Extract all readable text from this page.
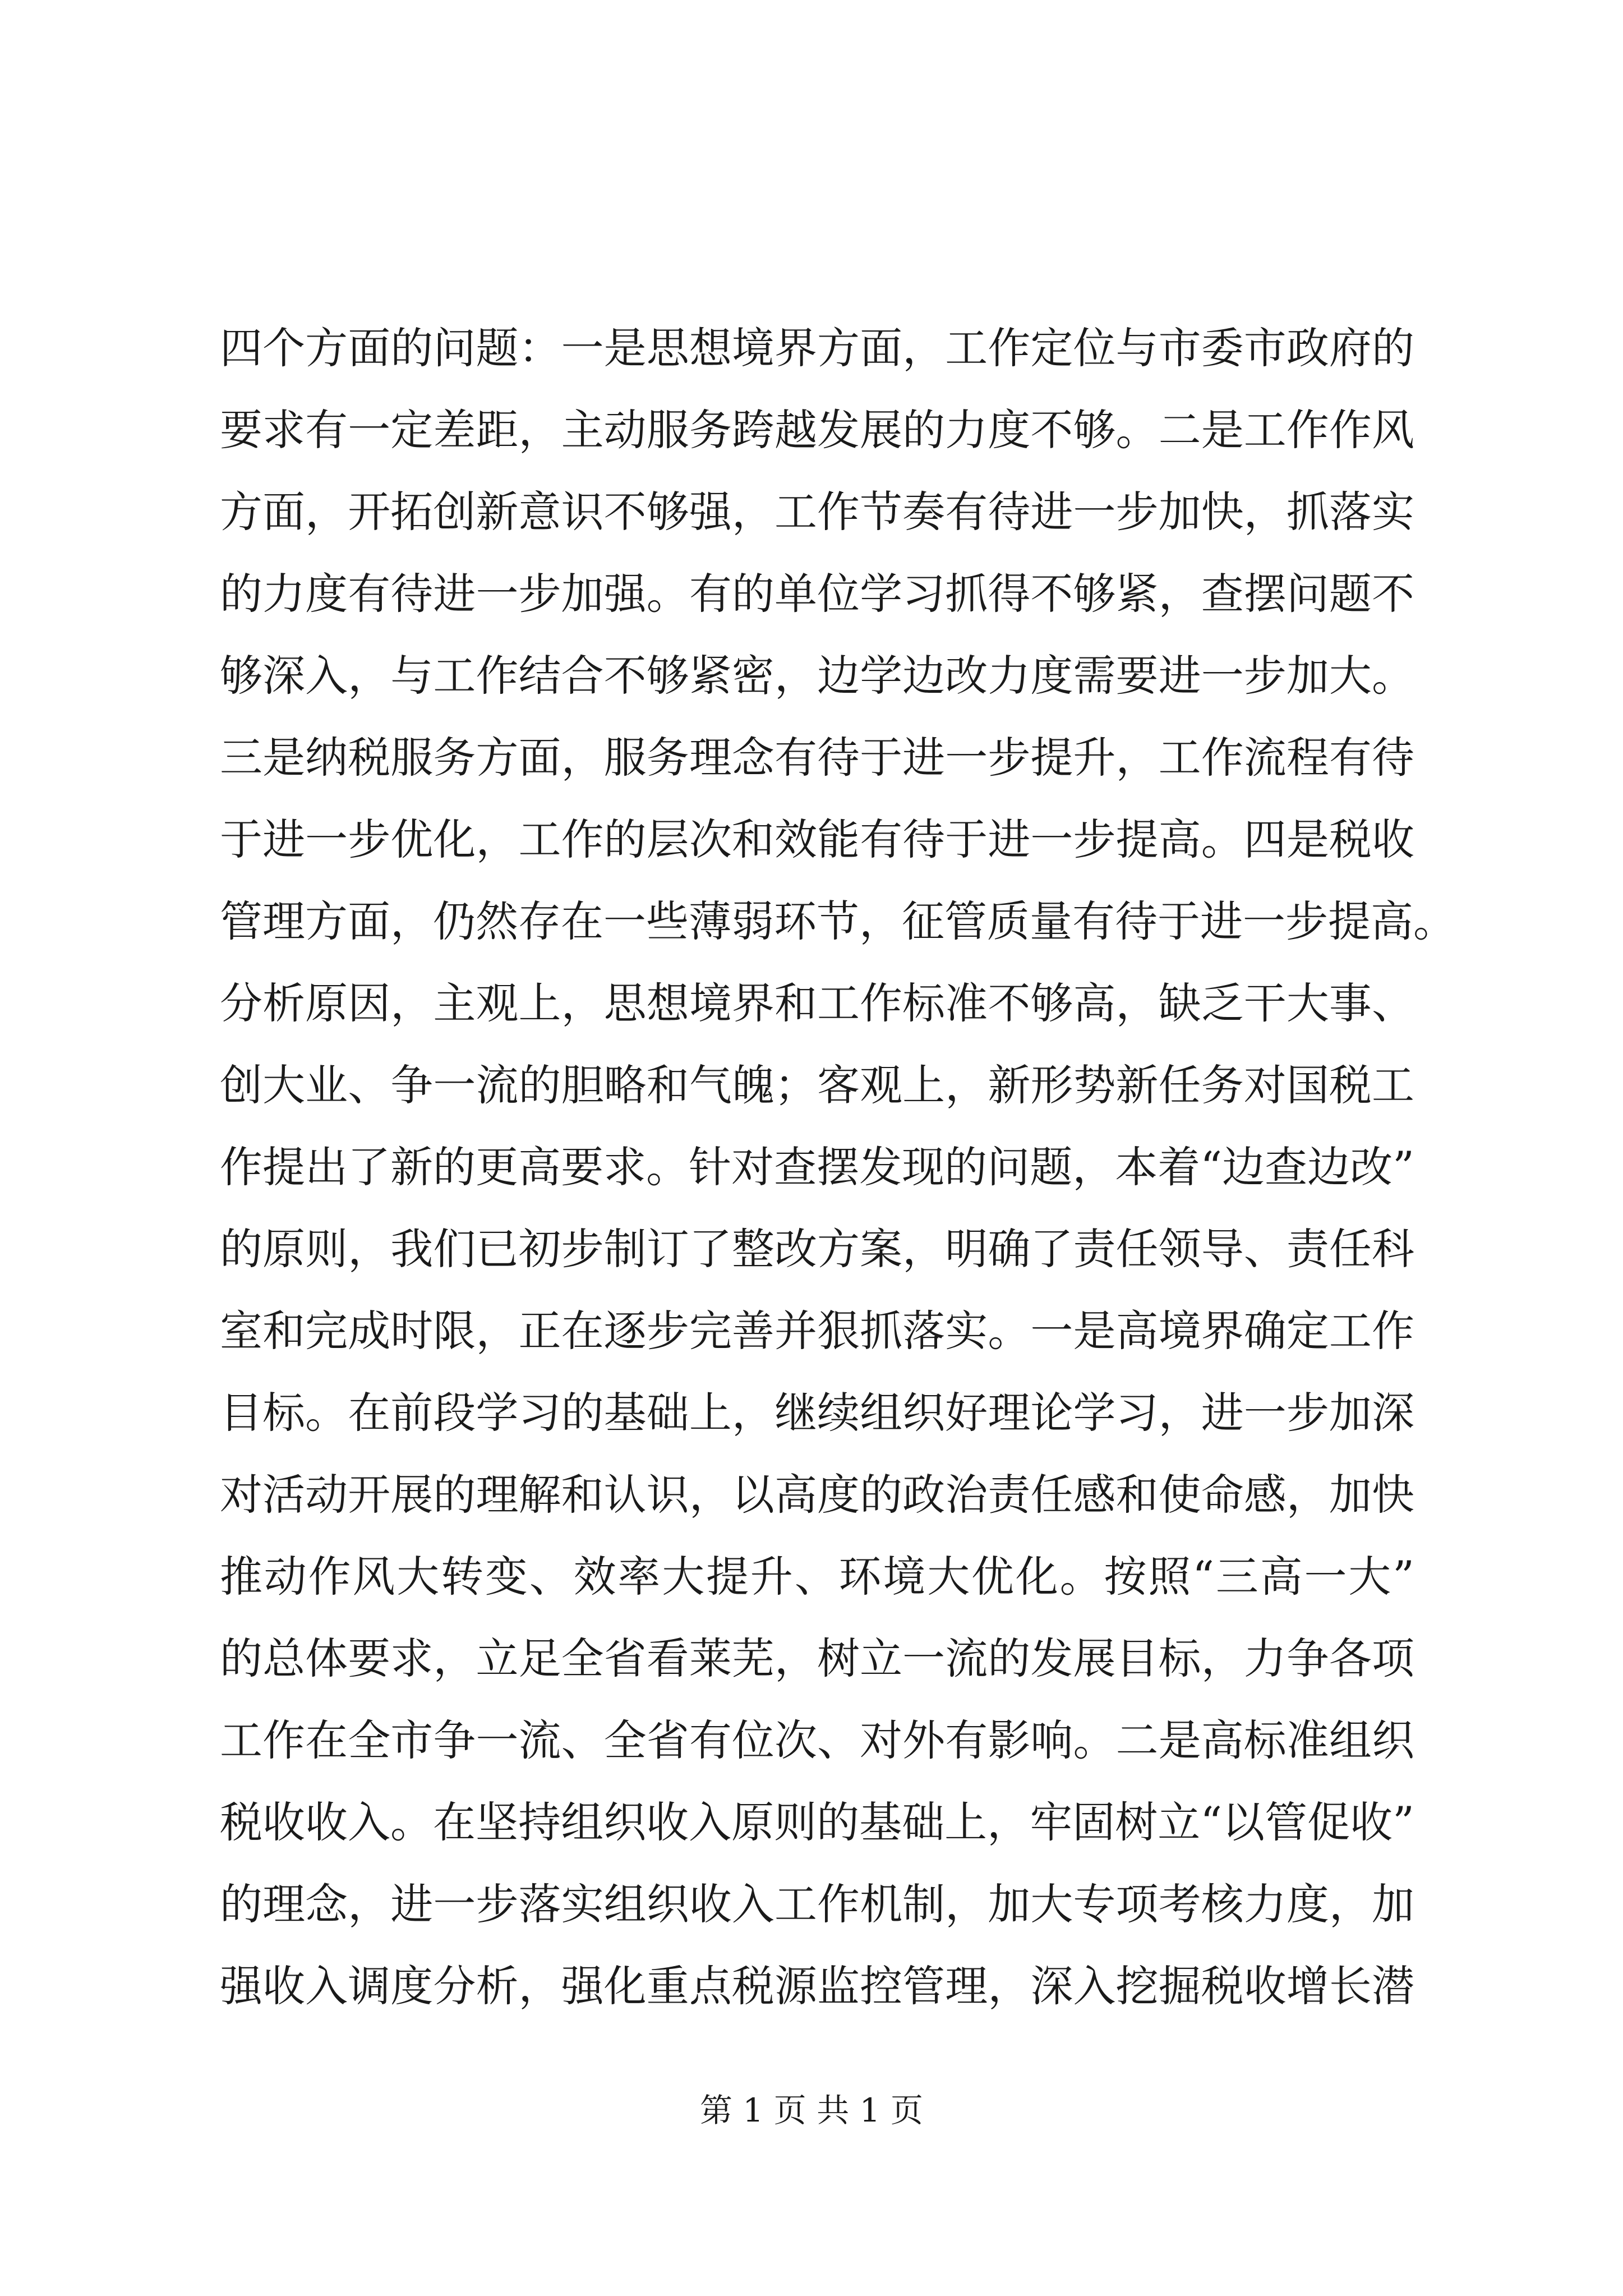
四个方面的问题：一是思想境界方面，工作定位与市委市政府的
要求有一定差距，主动服务跨越发展的力度不够。二是工作作风
方面，开拓创新意识不够强，工作节奏有待进一步加快，抓落实
的力度有待进一步加强。有的单位学习抓得不够紧，查摆问题不
够深入，与工作结合不够紧密，边学边改力度需要进一步加大。
三是纳税服务方面，服务理念有待于进一步提升，工作流程有待
于进一步优化，工作的层次和效能有待于进一步提高。四是税收
管理方面，仍然存在一些薄弱环节，征管质量有待于进一步提高。
分析原因，主观上，思想境界和工作标准不够高，缺乏干大事、
创大业、争一流的胆略和气魄；客观上，新形势新任务对国税工
作提出了新的更高要求。针对查摆发现的问题，本着“边查边改”
的原则，我们已初步制订了整改方案，明确了责任领导、责任科
室和完成时限，正在逐步完善并狠抓落实。一是高境界确定工作
目标。在前段学习的基础上，继续组织好理论学习，进一步加深
对活动开展的理解和认识，以高度的政治责任感和使命感，加快
推动作风大转变、效率大提升、环境大优化。按照“三高一大”
的总体要求，立足全省看莱芜，树立一流的发展目标，力争各项
工作在全市争一流、全省有位次、对外有影响。二是高标准组织
税收收入。在坚持组织收入原则的基础上，牢固树立“以管促收”
的理念，进一步落实组织收入工作机制，加大专项考核力度，加
强收入调度分析，强化重点税源监控管理，深入挖掘税收增长潜
第 1 页 共 1 页
